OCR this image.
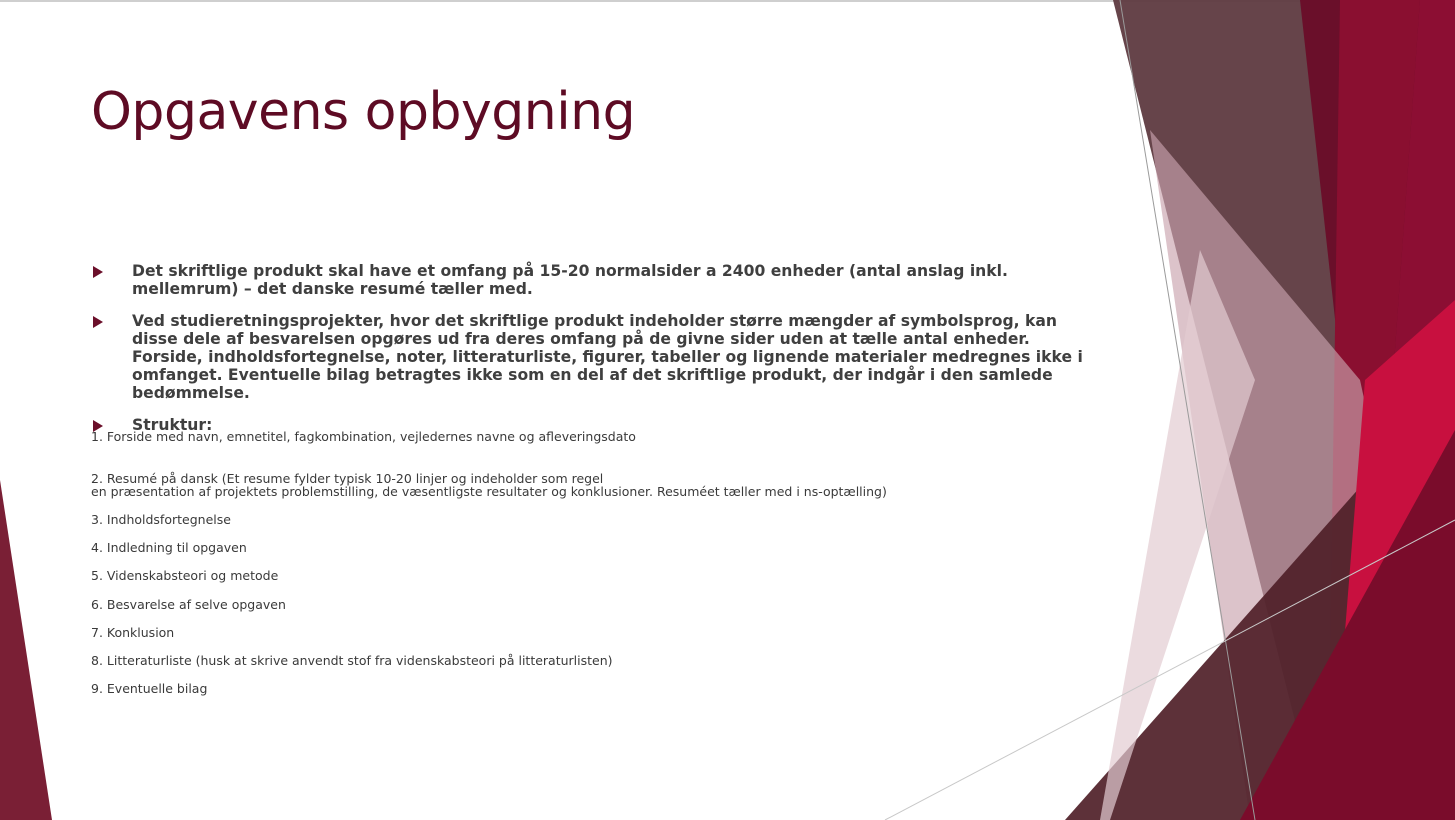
Opgavens opbygning
Det skriftlige produkt skal have et omfang på 15-20 normalsider a 2400 enheder (antal anslag inkl. mellemrum) – det danske resumé tæller med.
Ved studieretningsprojekter, hvor det skriftlige produkt indeholder større mængder af symbolsprog, kan disse dele af besvarelsen opgøres ud fra deres omfang på de givne sider uden at tælle antal enheder. Forside, indholdsfortegnelse, noter, litteraturliste, figurer, tabeller og lignende materialer medregnes ikke i omfanget. Eventuelle bilag betragtes ikke som en del af det skriftlige produkt, der indgår i den samlede bedømmelse.
Struktur:

1. Forside med navn, emnetitel, fagkombination, vejledernes navne og afleveringsdato

2. Resumé på dansk (Et resume fylder typisk 10-20 linjer og indeholder som regel

en præsentation af projektets problemstilling, de væsentligste resultater og konklusioner. Resuméet tæller med i ns-optælling)

3. Indholdsfortegnelse

4. Indledning til opgaven

5. Videnskabsteori og metode

6. Besvarelse af selve opgaven

7. Konklusion

8. Litteraturliste (husk at skrive anvendt stof fra videnskabsteori på litteraturlisten)

9. Eventuelle bilag
